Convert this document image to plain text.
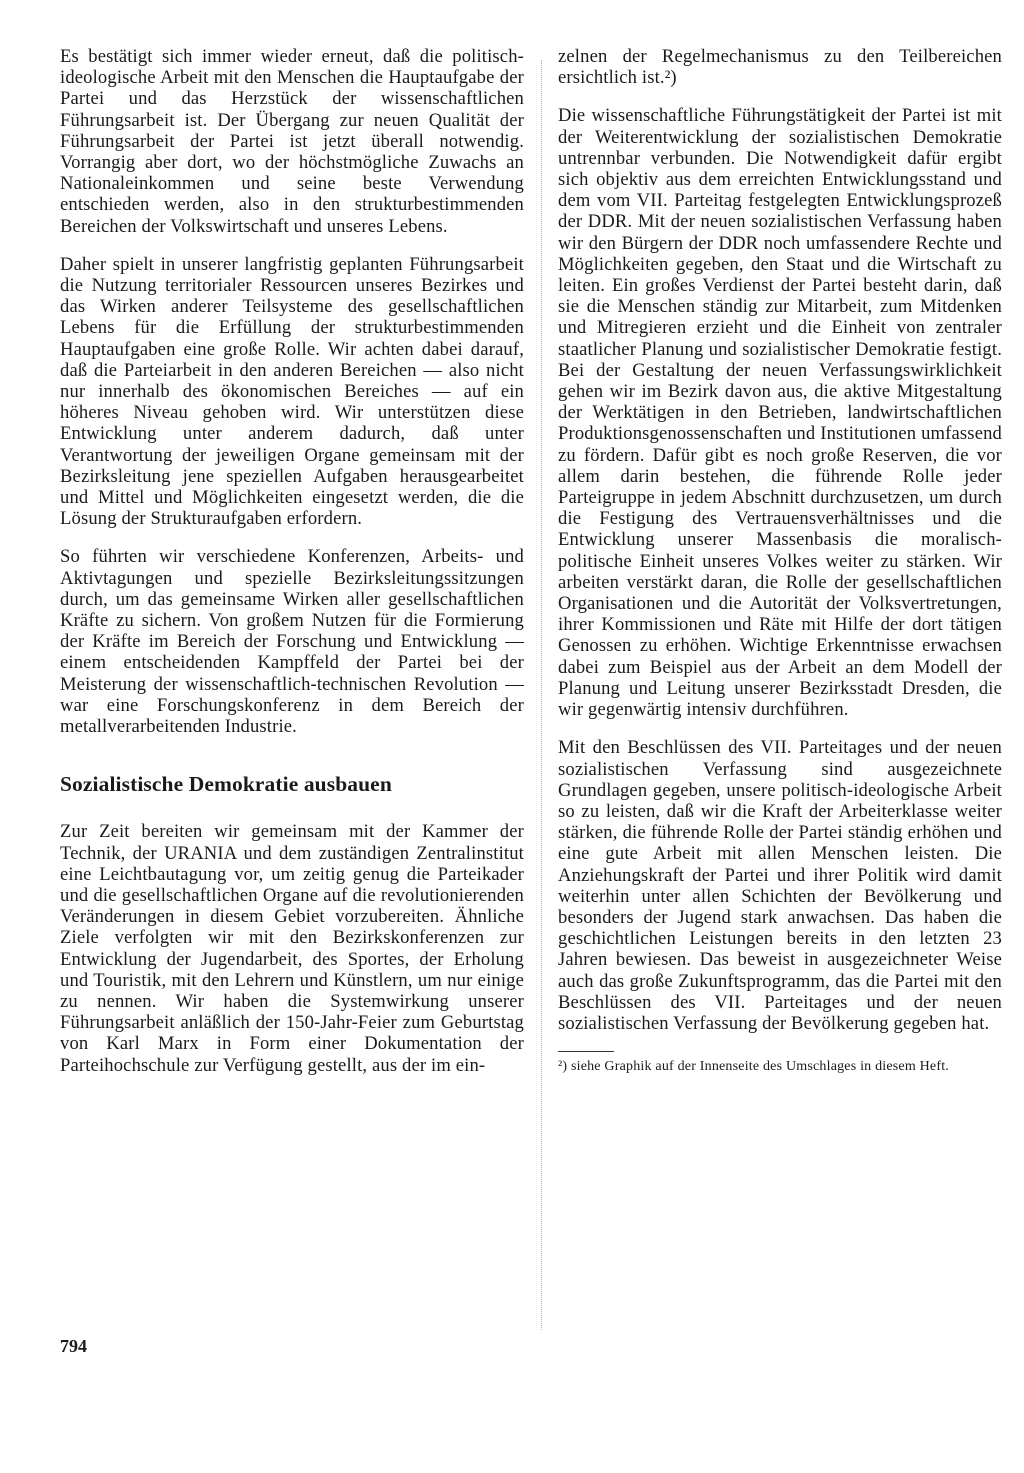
Es bestätigt sich immer wieder erneut, daß die politisch-ideologische Arbeit mit den Menschen die Hauptaufgabe der Partei und das Herzstück der wissenschaftlichen Führungsarbeit ist. Der Übergang zur neuen Qualität der Führungsarbeit der Partei ist jetzt überall notwendig. Vorrangig aber dort, wo der höchstmögliche Zuwachs an Nationaleinkommen und seine beste Verwendung entschieden werden, also in den strukturbestimmenden Bereichen der Volkswirtschaft und unseres Lebens.

Daher spielt in unserer langfristig geplanten Führungsarbeit die Nutzung territorialer Ressourcen unseres Bezirkes und das Wirken anderer Teilsysteme des gesellschaftlichen Lebens für die Erfüllung der strukturbestimmenden Hauptaufgaben eine große Rolle. Wir achten dabei darauf, daß die Parteiarbeit in den anderen Bereichen — also nicht nur innerhalb des ökonomischen Bereiches — auf ein höheres Niveau gehoben wird. Wir unterstützen diese Entwicklung unter anderem dadurch, daß unter Verantwortung der jeweiligen Organe gemeinsam mit der Bezirksleitung jene speziellen Aufgaben herausgearbeitet und Mittel und Möglichkeiten eingesetzt werden, die die Lösung der Strukturaufgaben erfordern.

So führten wir verschiedene Konferenzen, Arbeits- und Aktivtagungen und spezielle Bezirksleitungssitzungen durch, um das gemeinsame Wirken aller gesellschaftlichen Kräfte zu sichern. Von großem Nutzen für die Formierung der Kräfte im Bereich der Forschung und Entwicklung — einem entscheidenden Kampffeld der Partei bei der Meisterung der wissenschaftlich-technischen Revolution — war eine Forschungskonferenz in dem Bereich der metallverarbeitenden Industrie.

Sozialistische Demokratie ausbauen

Zur Zeit bereiten wir gemeinsam mit der Kammer der Technik, der URANIA und dem zuständigen Zentralinstitut eine Leichtbautagung vor, um zeitig genug die Parteikader und die gesellschaftlichen Organe auf die revolutionierenden Veränderungen in diesem Gebiet vorzubereiten. Ähnliche Ziele verfolgten wir mit den Bezirkskonferenzen zur Entwicklung der Jugendarbeit, des Sportes, der Erholung und Touristik, mit den Lehrern und Künstlern, um nur einige zu nennen. Wir haben die Systemwirkung unserer Führungsarbeit anläßlich der 150-Jahr-Feier zum Geburtstag von Karl Marx in Form einer Dokumentation der Parteihochschule zur Verfügung gestellt, aus der im ein-

zelnen der Regelmechanismus zu den Teilbereichen ersichtlich ist.²)

Die wissenschaftliche Führungstätigkeit der Partei ist mit der Weiterentwicklung der sozialistischen Demokratie untrennbar verbunden. Die Notwendigkeit dafür ergibt sich objektiv aus dem erreichten Entwicklungsstand und dem vom VII. Parteitag festgelegten Entwicklungsprozeß der DDR. Mit der neuen sozialistischen Verfassung haben wir den Bürgern der DDR noch umfassendere Rechte und Möglichkeiten gegeben, den Staat und die Wirtschaft zu leiten. Ein großes Verdienst der Partei besteht darin, daß sie die Menschen ständig zur Mitarbeit, zum Mitdenken und Mitregieren erzieht und die Einheit von zentraler staatlicher Planung und sozialistischer Demokratie festigt. Bei der Gestaltung der neuen Verfassungswirklichkeit gehen wir im Bezirk davon aus, die aktive Mitgestaltung der Werktätigen in den Betrieben, landwirtschaftlichen Produktionsgenossenschaften und Institutionen umfassend zu fördern. Dafür gibt es noch große Reserven, die vor allem darin bestehen, die führende Rolle jeder Parteigruppe in jedem Abschnitt durchzusetzen, um durch die Festigung des Vertrauensverhältnisses und die Entwicklung unserer Massenbasis die moralisch-politische Einheit unseres Volkes weiter zu stärken. Wir arbeiten verstärkt daran, die Rolle der gesellschaftlichen Organisationen und die Autorität der Volksvertretungen, ihrer Kommissionen und Räte mit Hilfe der dort tätigen Genossen zu erhöhen. Wichtige Erkenntnisse erwachsen dabei zum Beispiel aus der Arbeit an dem Modell der Planung und Leitung unserer Bezirksstadt Dresden, die wir gegenwärtig intensiv durchführen.

Mit den Beschlüssen des VII. Parteitages und der neuen sozialistischen Verfassung sind ausgezeichnete Grundlagen gegeben, unsere politisch-ideologische Arbeit so zu leisten, daß wir die Kraft der Arbeiterklasse weiter stärken, die führende Rolle der Partei ständig erhöhen und eine gute Arbeit mit allen Menschen leisten. Die Anziehungskraft der Partei und ihrer Politik wird damit weiterhin unter allen Schichten der Bevölkerung und besonders der Jugend stark anwachsen. Das haben die geschichtlichen Leistungen bereits in den letzten 23 Jahren bewiesen. Das beweist in ausgezeichneter Weise auch das große Zukunftsprogramm, das die Partei mit den Beschlüssen des VII. Parteitages und der neuen sozialistischen Verfassung der Bevölkerung gegeben hat.

²) siehe Graphik auf der Innenseite des Umschlages in diesem Heft.

794
